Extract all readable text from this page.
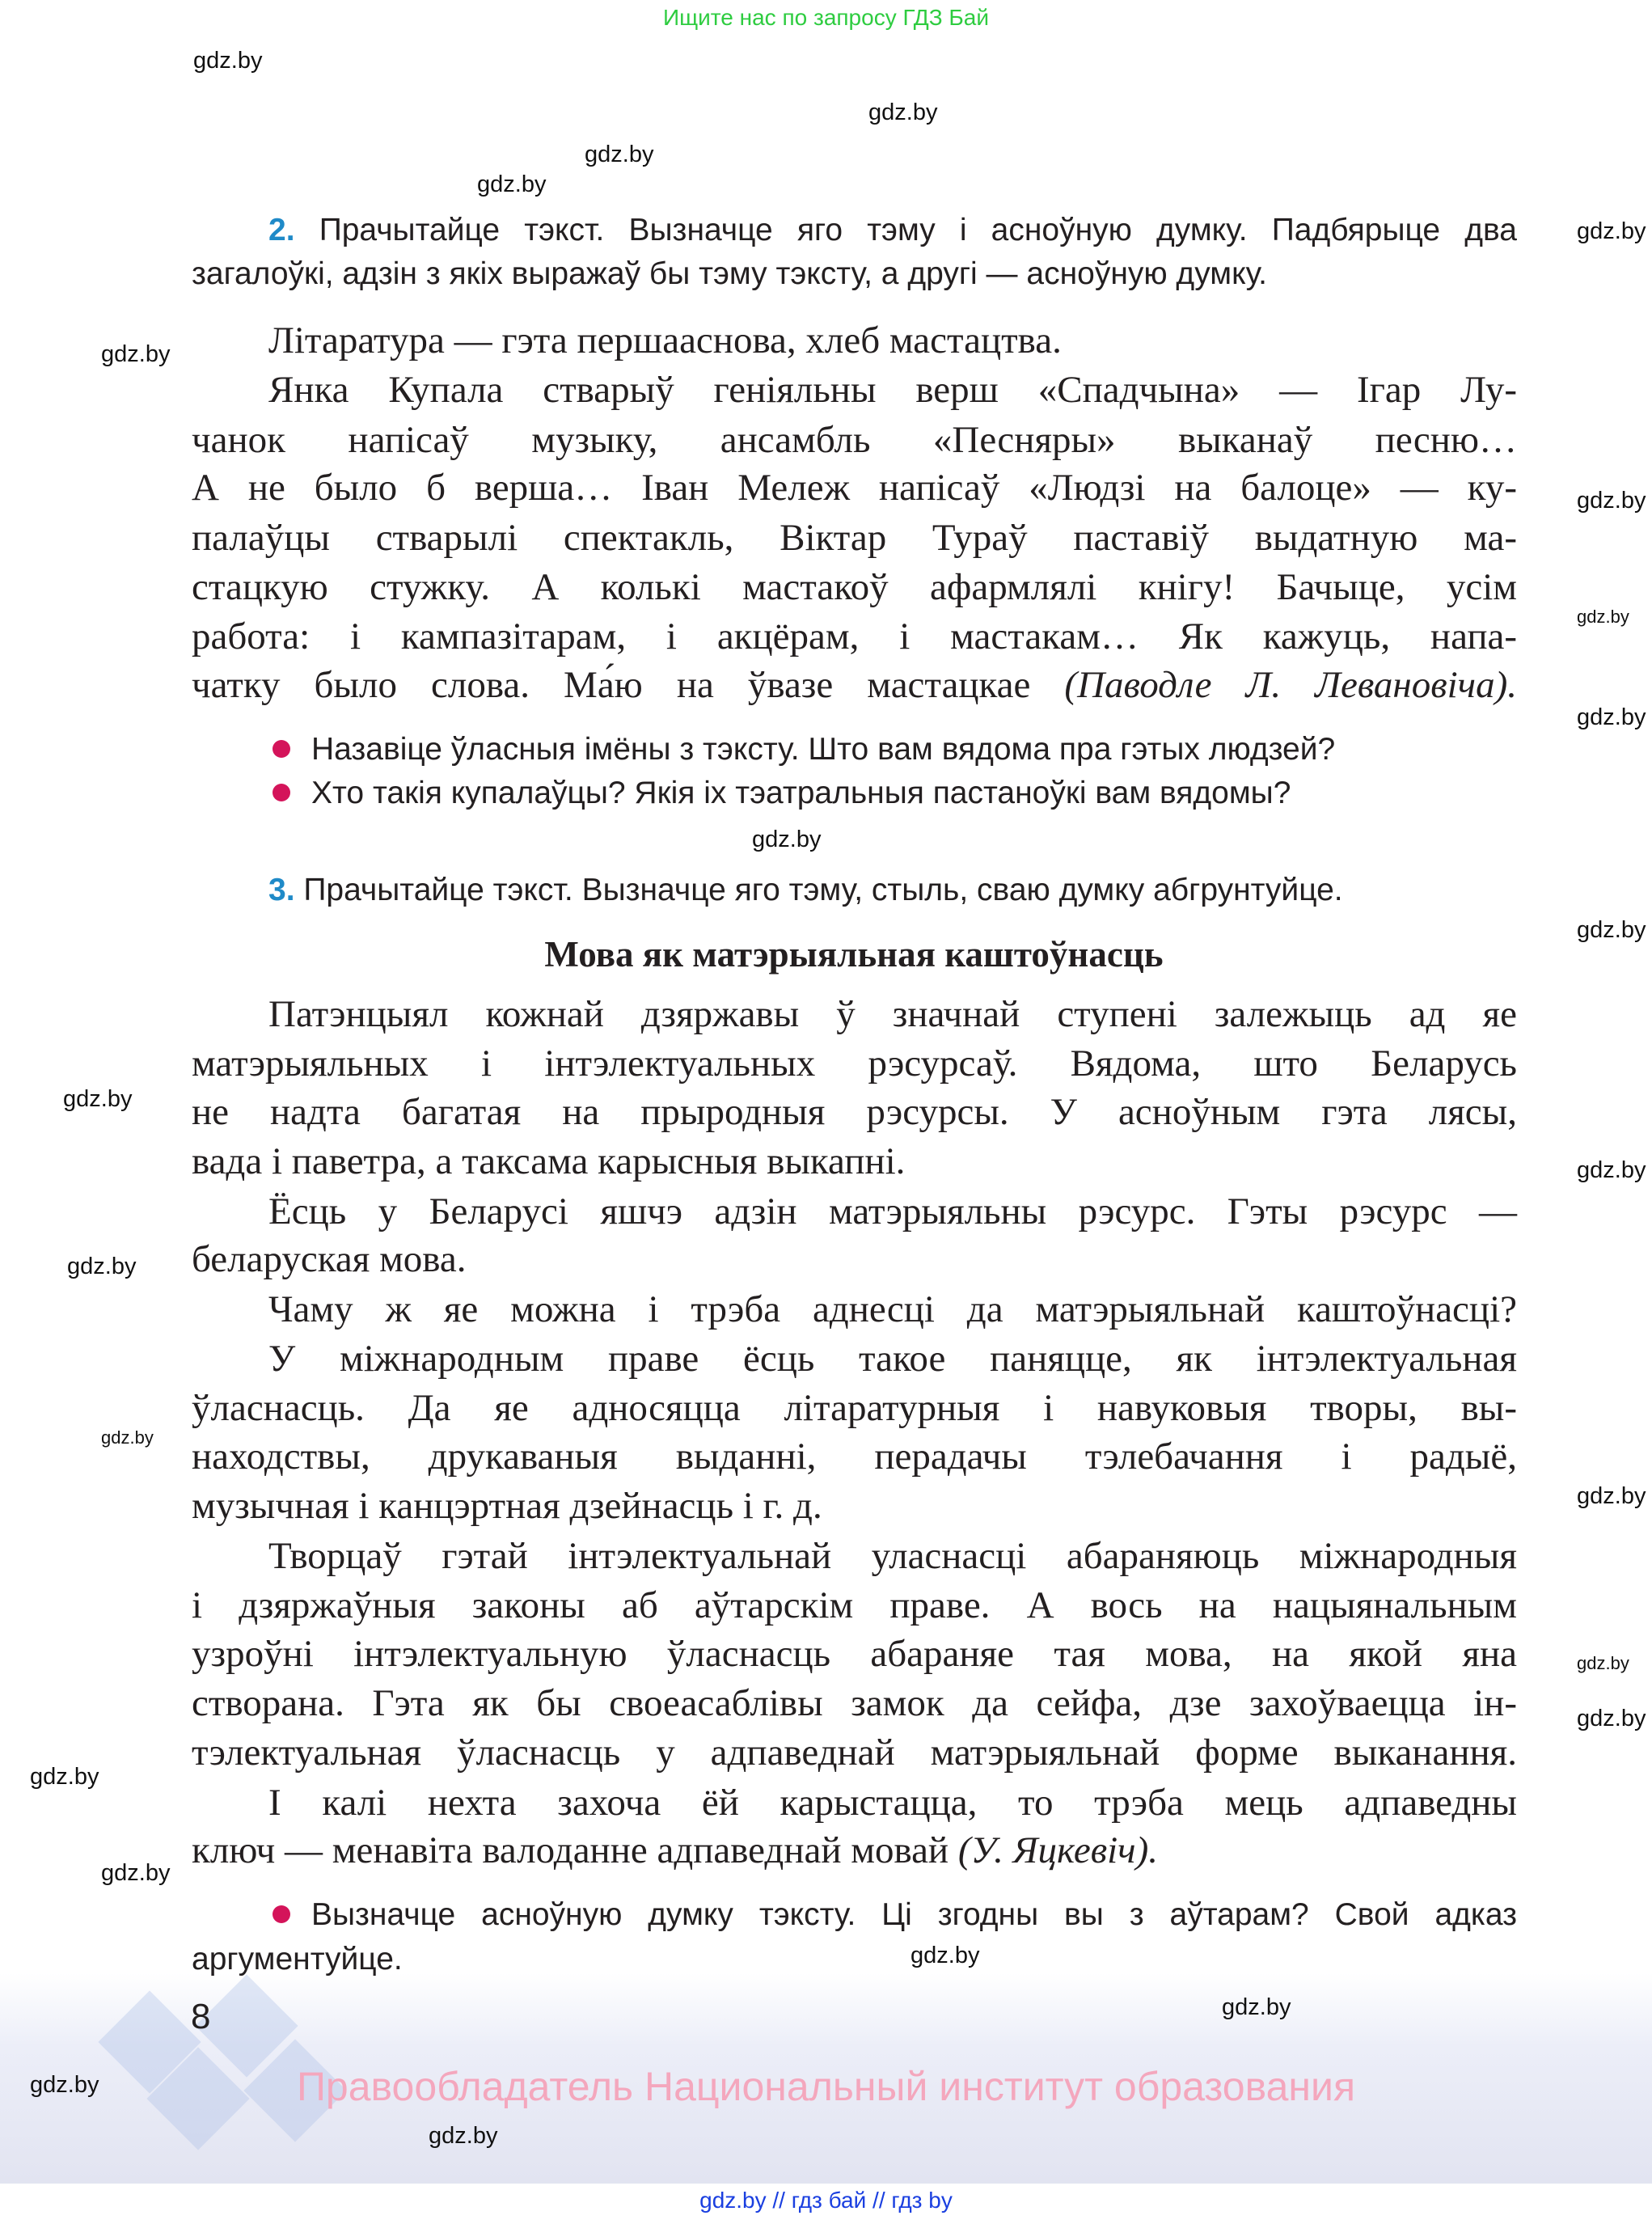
Ищите нас по запросу ГДЗ Бай
2. Прачытайце тэкст. Вызначце яго тэму і асноўную думку. Падбярыце два
загалоўкі, адзін з якіх выражаў бы тэму тэксту, а другі — асноўную думку.
Літаратура — гэта першааснова, хлеб мастацтва.
Янка Купала стварыў геніяльны верш «Спадчына» — Ігар Лу-
чанок напісаў музыку, ансамбль «Песняры» выканаў песню…
А не было б верша… Іван Мележ напісаў «Людзі на балоце» — ку-
палаўцы стварылі спектакль, Віктар Тураў паставіў выдатную ма-
стацкую стужку. А колькі мастакоў афармлялі кнігу! Бачыце, усім
работа: і кампазітарам, і акцёрам, і мастакам… Як кажуць, напа-
чатку было слова. Ма́ю на ўвазе мастацкае (Паводле Л. Левановіча).
Назавіце ўласныя імёны з тэксту. Што вам вядома пра гэтых людзей?
Хто такія купалаўцы? Якія іх тэатральныя пастаноўкі вам вядомы?
3. Прачытайце тэкст. Вызначце яго тэму, стыль, сваю думку абгрунтуйце.
Мова як матэрыяльная каштоўнасць
Патэнцыял кожнай дзяржавы ў значнай ступені залежыць ад яе
матэрыяльных і інтэлектуальных рэсурсаў. Вядома, што Беларусь
не надта багатая на прыродныя рэсурсы. У асноўным гэта лясы,
вада і паветра, а таксама карысныя выкапні.
Ёсць у Беларусі яшчэ адзін матэрыяльны рэсурс. Гэты рэсурс —
беларуская мова.
Чаму ж яе можна і трэба аднесці да матэрыяльнай каштоўнасці?
У міжнародным праве ёсць такое паняцце, як інтэлектуальная
ўласнасць. Да яе адносяцца літаратурныя і навуковыя творы, вы-
находствы, друкаваныя выданні, перадачы тэлебачання і радыё,
музычная і канцэртная дзейнасць і г. д.
Творцаў гэтай інтэлектуальнай уласнасці абараняюць міжнародныя
і дзяржаўныя законы аб аўтарскім праве. А вось на нацыянальным
узроўні інтэлектуальную ўласнасць абараняе тая мова, на якой яна
створана. Гэта як бы своеасаблівы замок да сейфа, дзе захоўваецца ін-
тэлектуальная ўласнасць у адпаведнай матэрыяльнай форме выканання.
І калі нехта захоча ёй карыстацца, то трэба мець адпаведны
ключ — менавіта валоданне адпаведнай мовай (У. Яцкевіч).
Вызначце асноўную думку тэксту. Ці згодны вы з аўтарам? Свой адказ
аргументуйце.
8
Правообладатель Национальный институт образования
gdz.by // гдз бай // гдз by
gdz.by
gdz.by
gdz.by
gdz.by
gdz.by
gdz.by
gdz.by
gdz.by
gdz.by
gdz.by
gdz.by
gdz.by
gdz.by
gdz.by
gdz.by
gdz.by
gdz.by
gdz.by
gdz.by
gdz.by
gdz.by
gdz.by
gdz.by
gdz.by
